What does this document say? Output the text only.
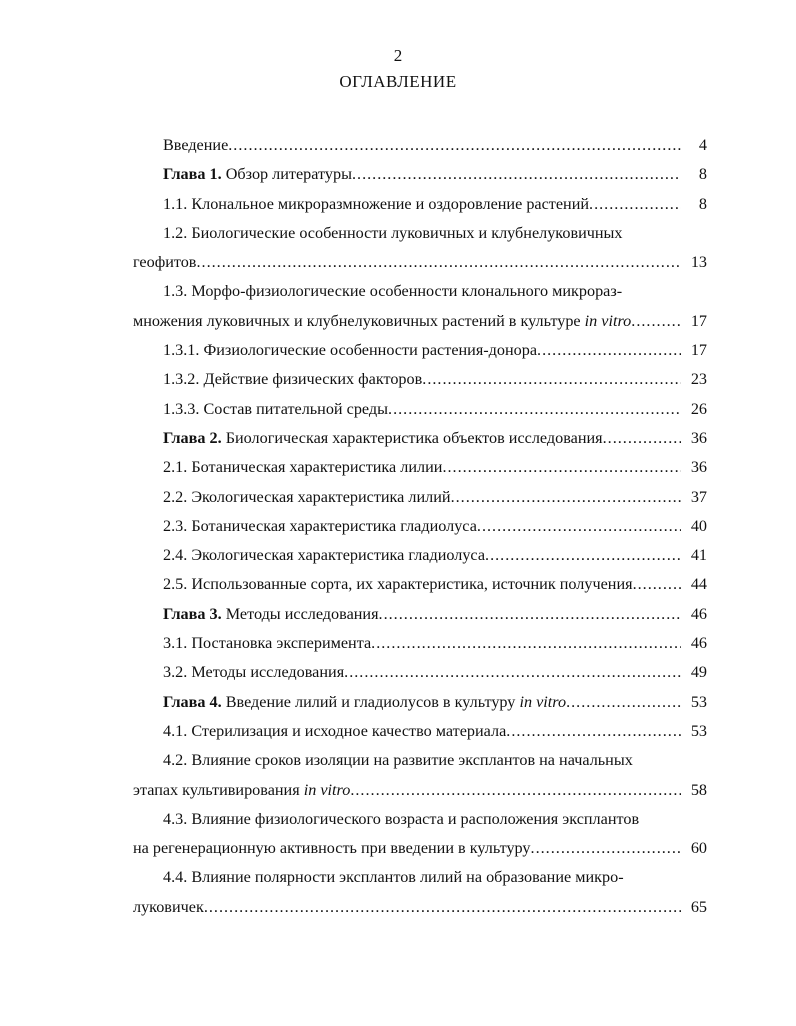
2
ОГЛАВЛЕНИЕ
Введение .....	4
Глава 1. Обзор литературы .....	8
1.1. Клональное микроразмножение и оздоровление растений .....	8
1.2. Биологические особенности луковичных и клубнелуковичных
геофитов .....	13
1.3. Морфо-физиологические особенности клонального микрораз-
множения луковичных и клубнелуковичных растений в культуре in vitro .....	17
1.3.1. Физиологические особенности растения-донора .....	17
1.3.2. Действие физических факторов .....	23
1.3.3. Состав питательной среды .....	26
Глава 2. Биологическая характеристика объектов исследования .....	36
2.1. Ботаническая характеристика лилии .....	36
2.2. Экологическая характеристика лилий .....	37
2.3. Ботаническая характеристика гладиолуса .....	40
2.4. Экологическая характеристика гладиолуса .....	41
2.5. Использованные сорта, их характеристика, источник получения .....	44
Глава 3. Методы исследования .....	46
3.1. Постановка эксперимента .....	46
3.2. Методы исследования .....	49
Глава 4. Введение лилий и гладиолусов в культуру in vitro .....	53
4.1. Стерилизация и исходное качество материала .....	53
4.2. Влияние сроков изоляции на развитие эксплантов на начальных
этапах культивирования in vitro .....	58
4.3. Влияние физиологического возраста и расположения эксплантов
на регенерационную активность при введении в культуру .....	60
4.4. Влияние полярности эксплантов лилий на образование микро-
луковичек .....	65
